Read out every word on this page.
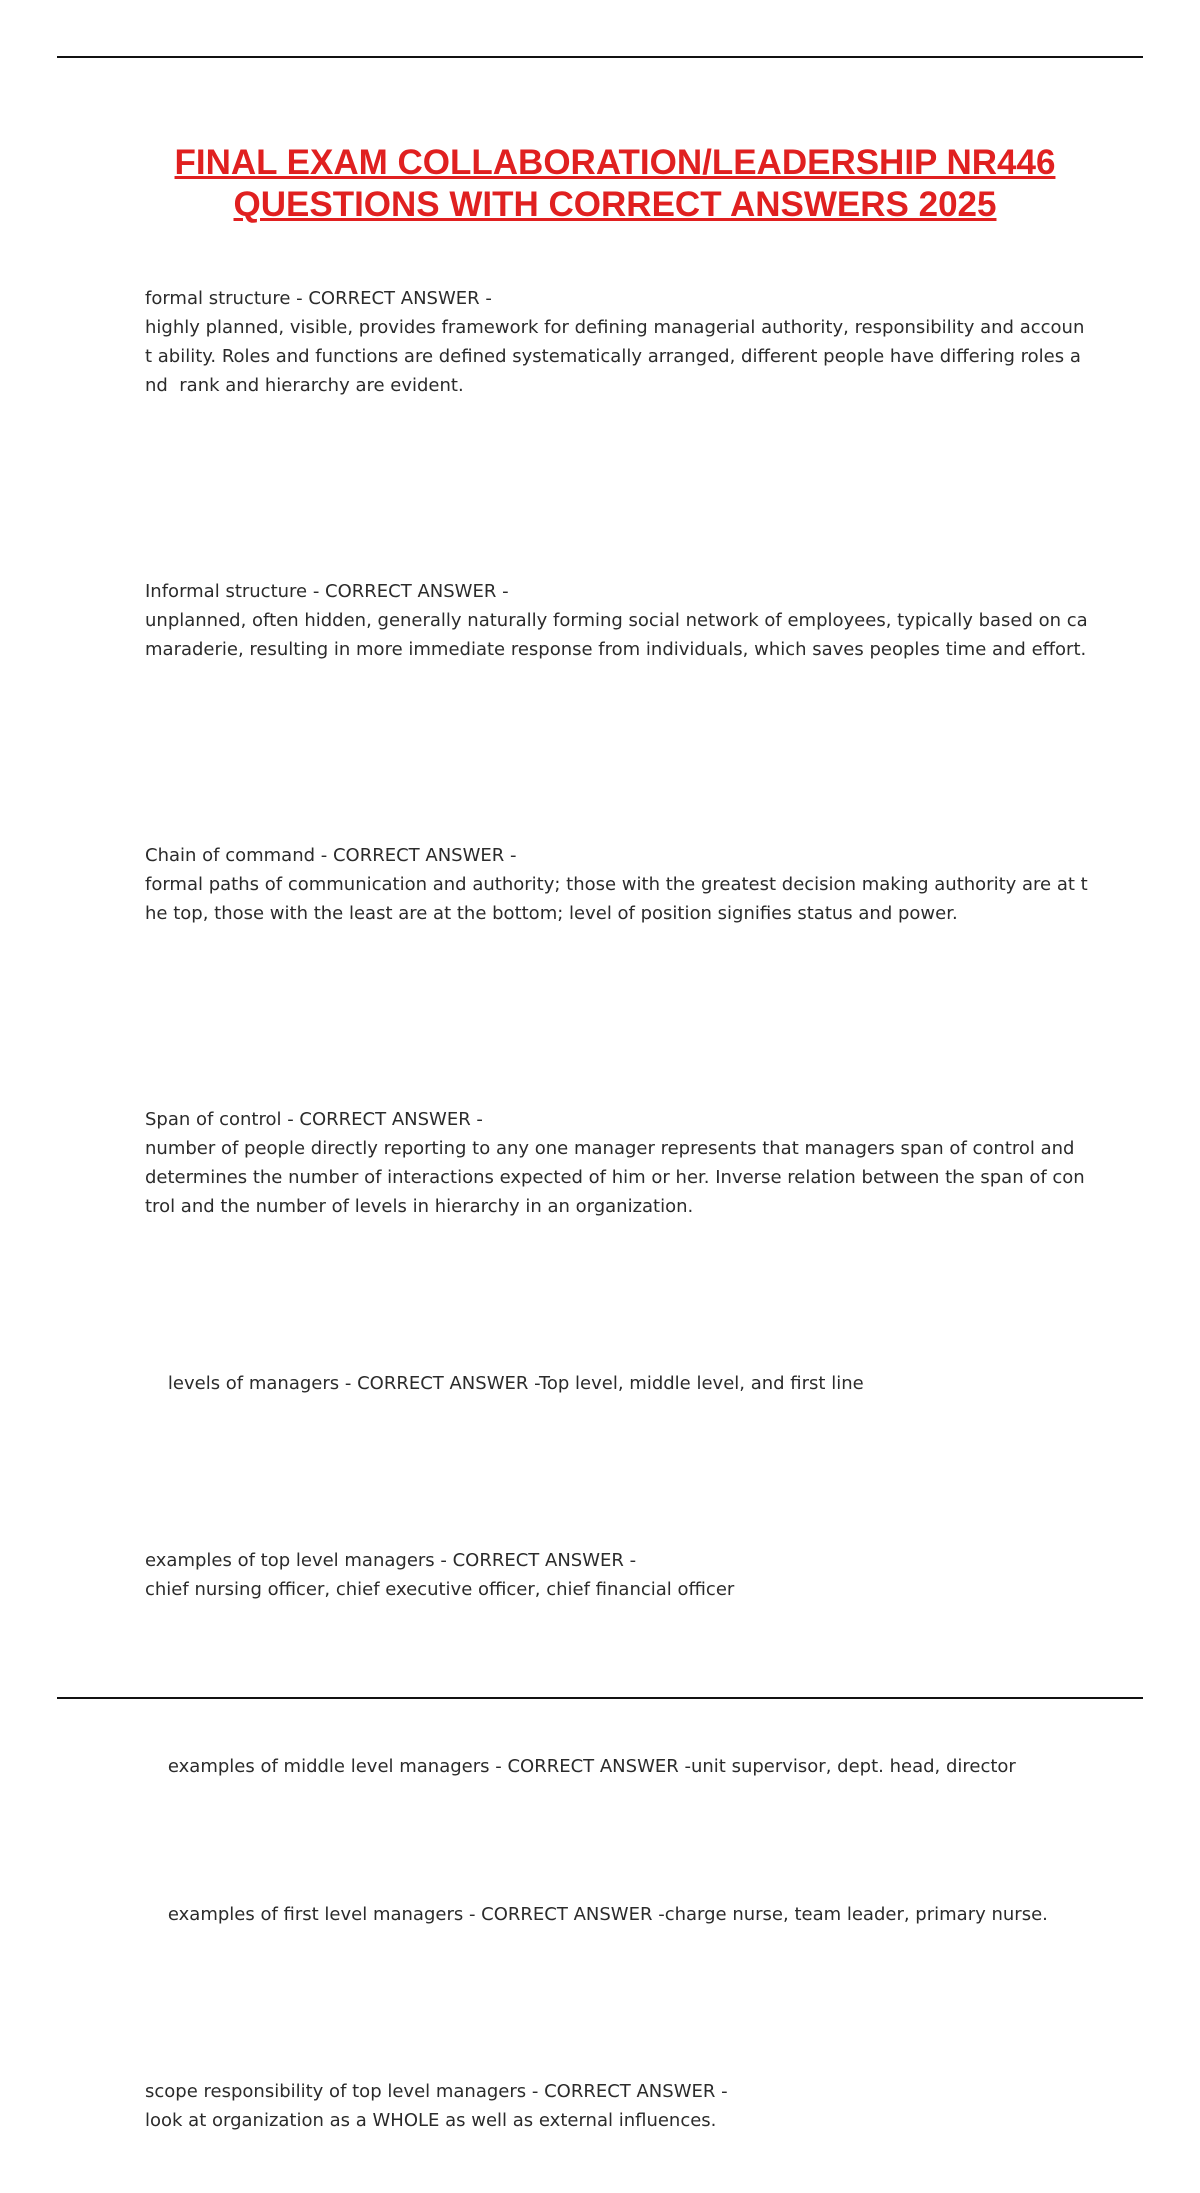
FINAL EXAM COLLABORATION/LEADERSHIP NR446
QUESTIONS WITH CORRECT ANSWERS 2025

formal structure - CORRECT ANSWER -
highly planned, visible, provides framework for defining managerial authority, responsibility and account ability. Roles and functions are defined systematically arranged, different people have differing roles and  rank and hierarchy are evident.

Informal structure - CORRECT ANSWER -
unplanned, often hidden, generally naturally forming social network of employees, typically based on ca maraderie, resulting in more immediate response from individuals, which saves peoples time and effort.

Chain of command - CORRECT ANSWER -
formal paths of communication and authority; those with the greatest decision making authority are at the top, those with the least are at the bottom; level of position signifies status and power.

Span of control - CORRECT ANSWER -
number of people directly reporting to any one manager represents that managers span of control and determines the number of interactions expected of him or her. Inverse relation between the span of con trol and the number of levels in hierarchy in an organization.

levels of managers - CORRECT ANSWER -Top level, middle level, and first line

examples of top level managers - CORRECT ANSWER -
chief nursing officer, chief executive officer, chief financial officer

examples of middle level managers - CORRECT ANSWER -unit supervisor, dept. head, director

examples of first level managers - CORRECT ANSWER -charge nurse, team leader, primary nurse.

scope responsibility of top level managers - CORRECT ANSWER -
look at organization as a WHOLE as well as external influences.
